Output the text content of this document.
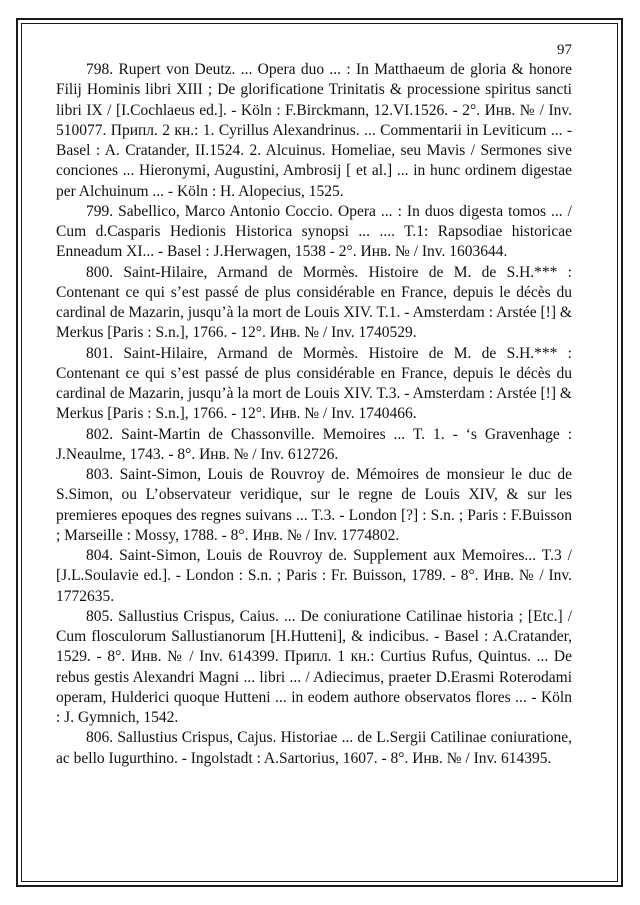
97

798. Rupert von Deutz. ... Opera duo ... : In Matthaeum de gloria & honore Filij Hominis libri XIII ; De glorificatione Trinitatis & processione spiritus sancti libri IX / [I.Cochlaeus ed.]. - Köln : F.Birckmann, 12.VI.1526. - 2°. Инв. № / Inv. 510077. Припл. 2 кн.: 1. Cyrillus Alexandrinus. ... Commentarii in Leviticum ... - Basel : A. Cratander, II.1524. 2. Alcuinus. Homeliae, seu Mavis / Sermones sive conciones ... Hieronymi, Augustini, Ambrosij [ et al.] ... in hunc ordinem digestae per Alchuinum ... - Köln : H. Alopecius, 1525.

799. Sabellico, Marco Antonio Coccio. Opera ... : In duos digesta tomos ... / Cum d.Casparis Hedionis Historica synopsi ... .... T.1: Rapsodiae historicae Enneadum XI... - Basel : J.Herwagen, 1538 - 2°. Инв. № / Inv. 1603644.

800. Saint-Hilaire, Armand de Mormès. Histoire de M. de S.H.*** : Contenant ce qui s’est passé de plus considérable en France, depuis le décès du cardinal de Mazarin, jusqu’à la mort de Louis XIV. T.1. - Amsterdam : Arstée [!] & Merkus [Paris : S.n.], 1766. - 12°. Инв. № / Inv. 1740529.

801. Saint-Hilaire, Armand de Mormès. Histoire de M. de S.H.*** : Contenant ce qui s’est passé de plus considérable en France, depuis le décès du cardinal de Mazarin, jusqu’à la mort de Louis XIV. T.3. - Amsterdam : Arstée [!] & Merkus [Paris : S.n.], 1766. - 12°. Инв. № / Inv. 1740466.

802. Saint-Martin de Chassonville. Memoires ... T. 1. - ‘s Gravenhage : J.Neaulme, 1743. - 8°. Инв. № / Inv. 612726.

803. Saint-Simon, Louis de Rouvroy de. Mémoires de monsieur le duc de S.Simon, ou L’observateur veridique, sur le regne de Louis XIV, & sur les premieres epoques des regnes suivans ... T.3. - London [?] : S.n. ; Paris : F.Buisson ; Marseille : Mossy, 1788. - 8°. Инв. № / Inv. 1774802.

804. Saint-Simon, Louis de Rouvroy de. Supplement aux Memoires... T.3 / [J.L.Soulavie ed.]. - London : S.n. ; Paris : Fr. Buisson, 1789. - 8°. Инв. № / Inv. 1772635.

805. Sallustius Crispus, Caius. ... De coniuratione Catilinae historia ; [Etc.] / Cum flosculorum Sallustianorum [H.Hutteni], & indicibus. - Basel : A.Cratander, 1529. - 8°. Инв. № / Inv. 614399. Припл. 1 кн.: Curtius Rufus, Quintus. ... De rebus gestis Alexandri Magni ... libri ... / Adiecimus, praeter D.Erasmi Roterodami operam, Hulderici quoque Hutteni ... in eodem authore observatos flores ... - Köln : J. Gymnich, 1542.

806. Sallustius Crispus, Cajus. Historiae ... de L.Sergii Catilinae coniuratione, ac bello Iugurthino. - Ingolstadt : A.Sartorius, 1607. - 8°. Инв. № / Inv. 614395.
